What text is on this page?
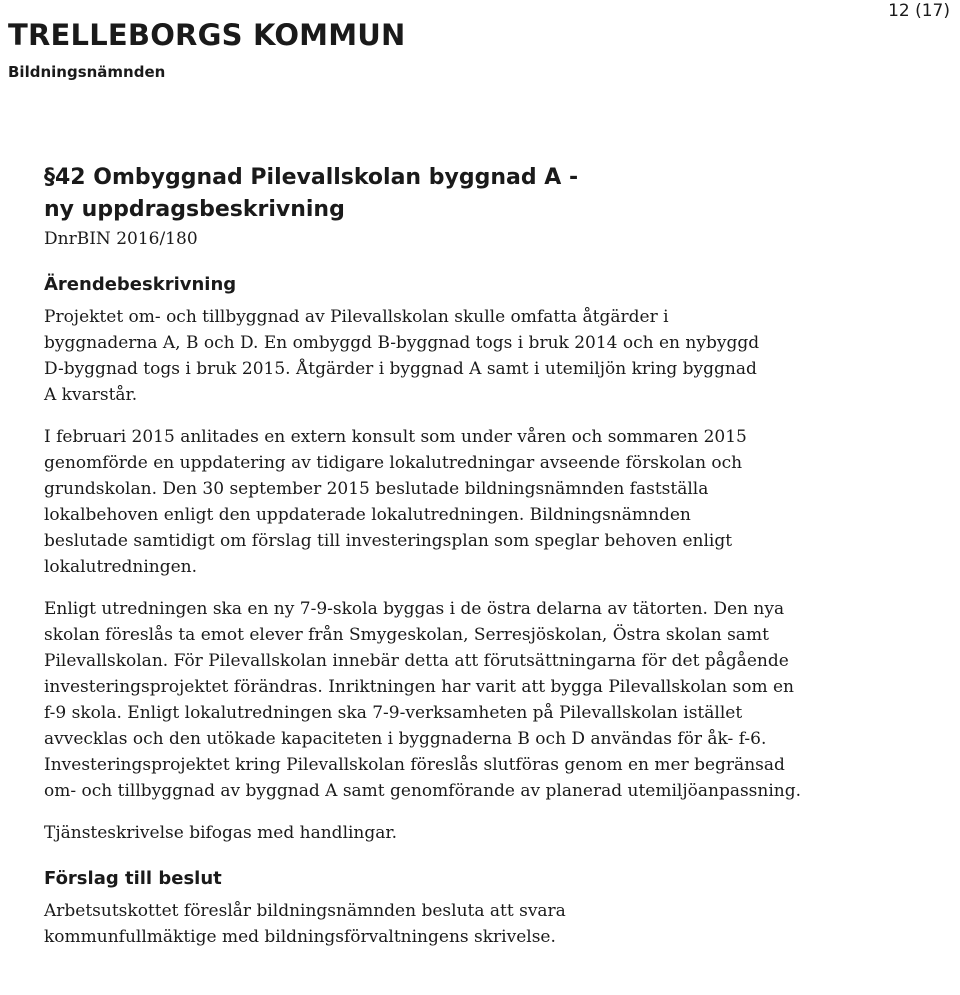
TRELLEBORGS KOMMUN
Bildningsnämnden
12 (17)
§42 Ombyggnad Pilevallskolan byggnad A - ny uppdragsbeskrivning

DnrBIN 2016/180

Ärendebeskrivning

Projektet om- och tillbyggnad av Pilevallskolan skulle omfatta åtgärder i byggnaderna A, B och D. En ombyggd B-byggnad togs i bruk 2014 och en nybyggd D-byggnad togs i bruk 2015. Åtgärder i byggnad A samt i utemiljön kring byggnad A kvarstår.

I februari 2015 anlitades en extern konsult som under våren och sommaren 2015 genomförde en uppdatering av tidigare lokalutredningar avseende förskolan och grundskolan. Den 30 september 2015 beslutade bildningsnämnden fastställa lokalbehoven enligt den uppdaterade lokalutredningen. Bildningsnämnden beslutade samtidigt om förslag till investeringsplan som speglar behoven enligt lokalutredningen.

Enligt utredningen ska en ny 7-9-skola byggas i de östra delarna av tätorten. Den nya skolan föreslås ta emot elever från Smygeskolan, Serresjöskolan, Östra skolan samt Pilevallskolan. För Pilevallskolan innebär detta att förutsättningarna för det pågående investeringsprojektet förändras. Inriktningen har varit att bygga Pilevallskolan som en f-9 skola. Enligt lokalutredningen ska 7-9-verksamheten på Pilevallskolan istället avvecklas och den utökade kapaciteten i byggnaderna B och D användas för åk- f-6. Investeringsprojektet kring Pilevallskolan föreslås slutföras genom en mer begränsad om- och tillbyggnad av byggnad A samt genomförande av planerad utemiljöanpassning.

Tjänsteskrivelse bifogas med handlingar.

Förslag till beslut

Arbetsutskottet föreslår bildningsnämnden besluta att svara kommunfullmäktige med bildningsförvaltningens skrivelse.
